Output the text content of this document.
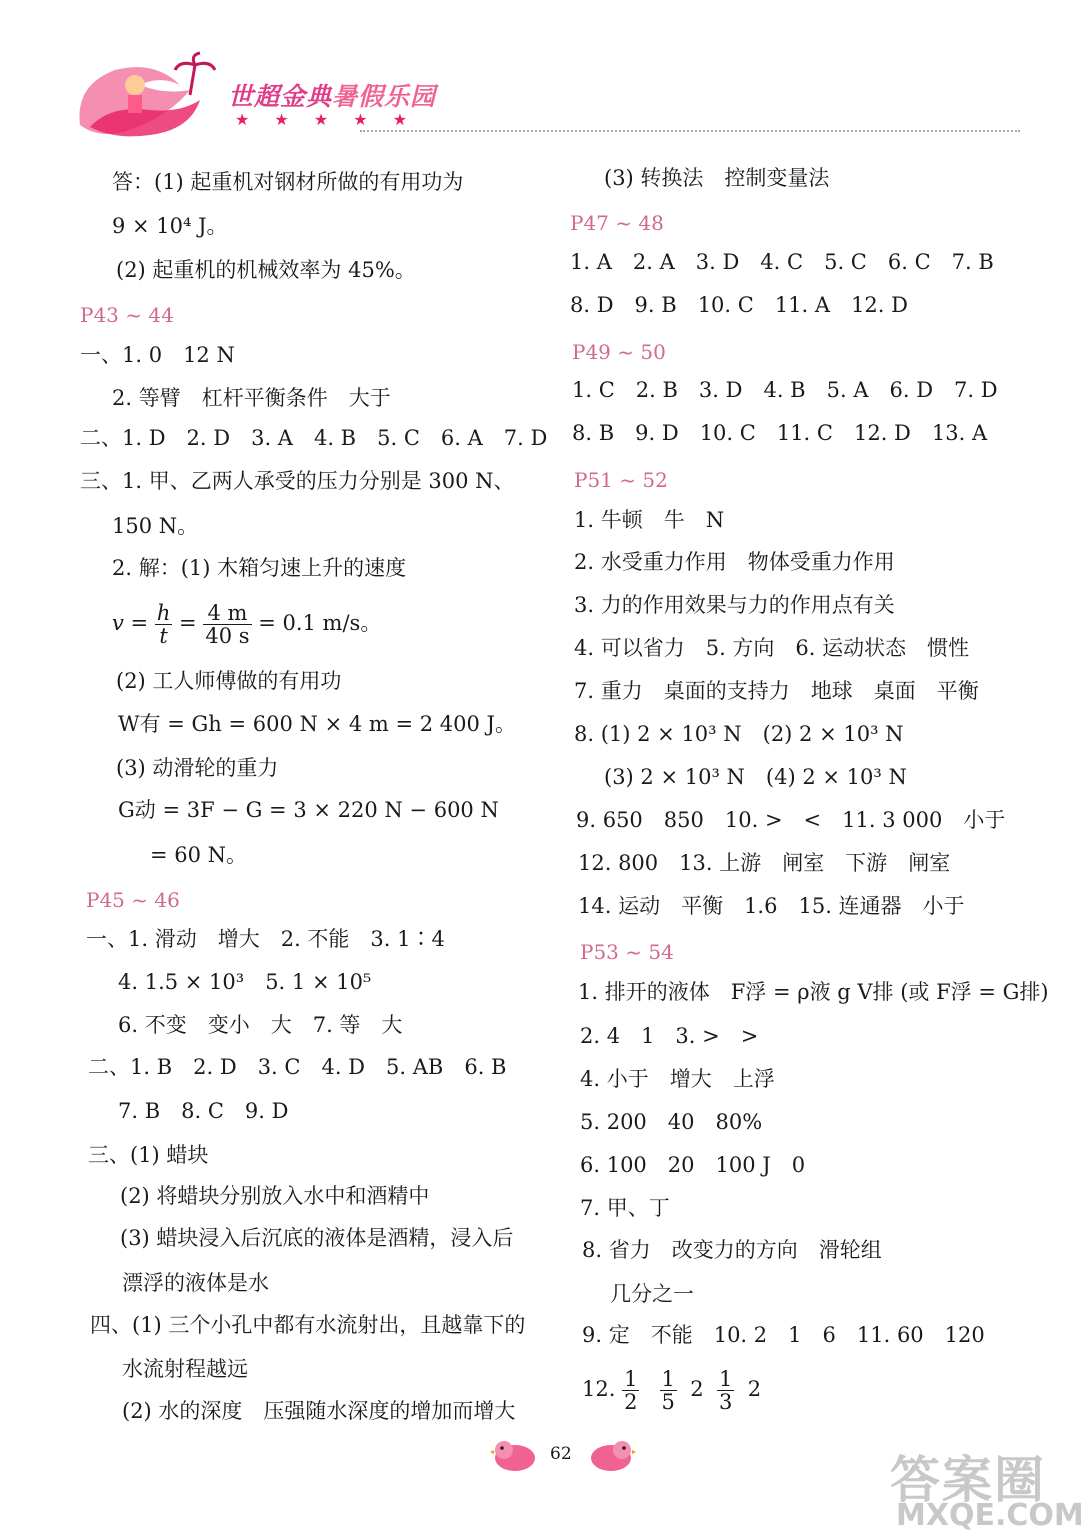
世超金典暑假乐园
★ ★ ★ ★ ★
答：(1) 起重机对钢材所做的有用功为
9 × 10⁴ J。
(2) 起重机的机械效率为 45%。
P43 ~ 44
一、1. 0　12 N
2. 等臂　杠杆平衡条件　大于
二、1. D　2. D　3. A　4. B　5. C　6. A　7. D
三、1. 甲、乙两人承受的压力分别是 300 N、
150 N。
2. 解：(1) 木箱匀速上升的速度
$v = \frac{h}{t} = \frac{4 m}{40 s} = 0.1$ m/s。
(2) 工人师傅做的有用功
W有 = Gh = 600 N × 4 m = 2 400 J。
(3) 动滑轮的重力
G动 = 3F − G = 3 × 220 N − 600 N
= 60 N。
P45 ~ 46
一、1. 滑动　增大　2. 不能　3. 1∶4
4. 1.5 × 10³　5. 1 × 10⁵
6. 不变　变小　大　7. 等　大
二、1. B　2. D　3. C　4. D　5. AB　6. B
7. B　8. C　9. D
三、(1) 蜡块
(2) 将蜡块分别放入水中和酒精中
(3) 蜡块浸入后沉底的液体是酒精，浸入后
漂浮的液体是水
四、(1) 三个小孔中都有水流射出，且越靠下的
水流射程越远
(2) 水的深度　压强随水深度的增加而增大
(3) 转换法　控制变量法
P47 ~ 48
1. A　2. A　3. D　4. C　5. C　6. C　7. B
8. D　9. B　10. C　11. A　12. D
P49 ~ 50
1. C　2. B　3. D　4. B　5. A　6. D　7. D
8. B　9. D　10. C　11. C　12. D　13. A
P51 ~ 52
1. 牛顿　牛　N
2. 水受重力作用　物体受重力作用
3. 力的作用效果与力的作用点有关
4. 可以省力　5. 方向　6. 运动状态　惯性
7. 重力　桌面的支持力　地球　桌面　平衡
8. (1) 2 × 10³ N　(2) 2 × 10³ N
(3) 2 × 10³ N　(4) 2 × 10³ N
9. 650　850　10. >　<　11. 3 000　小于
12. 800　13. 上游　闸室　下游　闸室
14. 运动　平衡　1.6　15. 连通器　小于
P53 ~ 54
1. 排开的液体　F浮 = ρ液 g V排 (或 F浮 = G排)
2. 4　1　3. >　>
4. 小于　增大　上浮
5. 200　40　80%
6. 100　20　100 J　0
7. 甲、丁
8. 省力　改变力的方向　滑轮组
几分之一
9. 定　不能　10. 2　1　6　11. 60　120
12. $\frac{1}{2}$
$\frac{1}{5} 2 \frac{1}{3} 2$
62	答案圈
MXQE.COM
